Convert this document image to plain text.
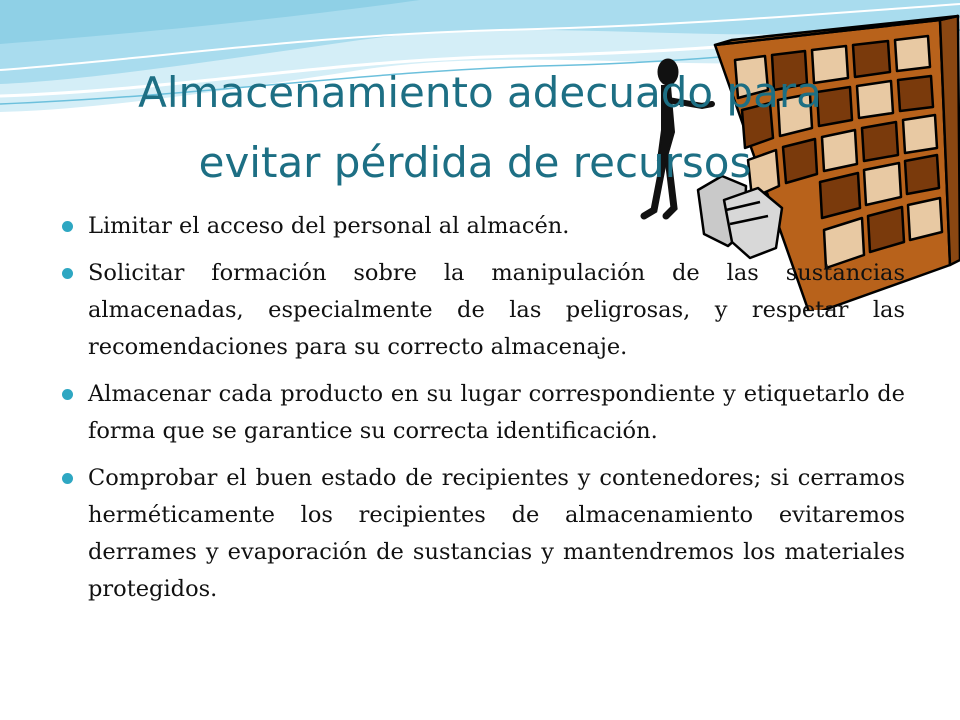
Almacenamiento adecuado para
evitar pérdida de recursos
Limitar el acceso del personal al almacén.
Solicitar formación sobre la manipulación de las sustancias almacenadas, especialmente de las peligrosas, y respetar las recomendaciones para su correcto almacenaje.
Almacenar cada producto en su lugar correspondiente y etiquetarlo de forma que se garantice su correcta identificación.
Comprobar el buen estado de recipientes y contenedores; si cerramos herméticamente los recipientes de almacenamiento evitaremos derrames y evaporación de sustancias y mantendremos los materiales protegidos.
